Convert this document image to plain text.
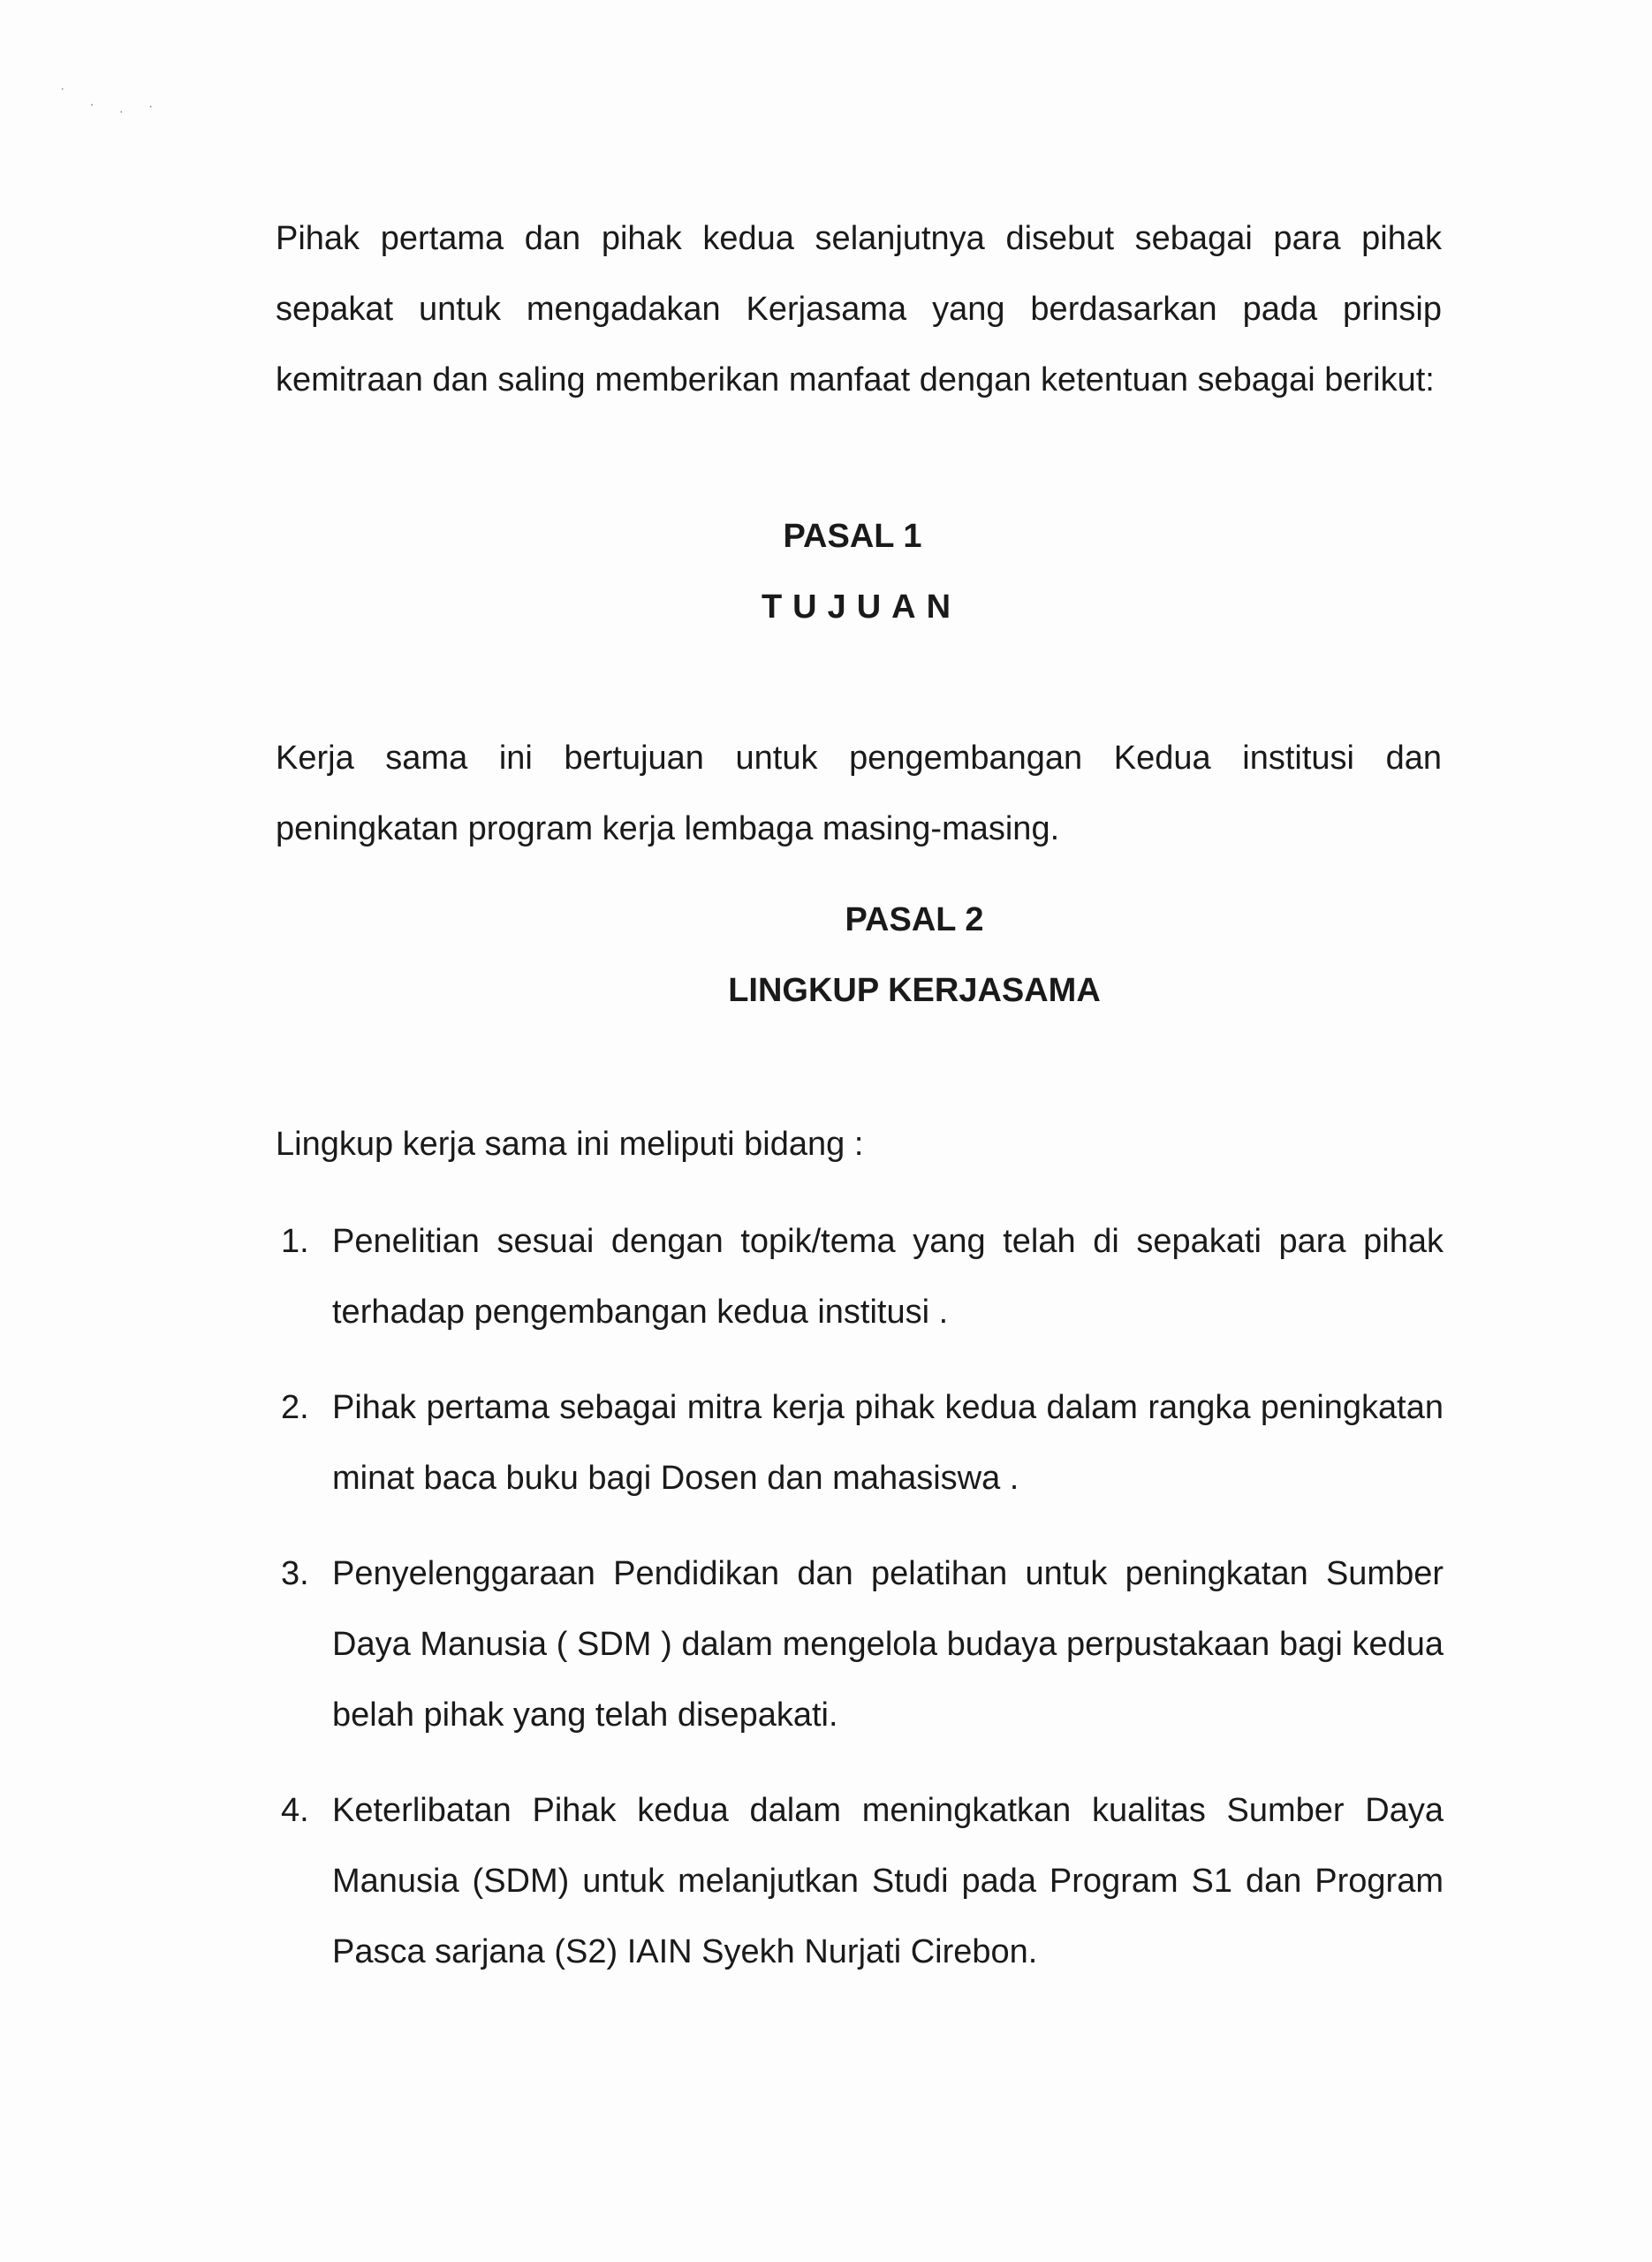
····

Pihak pertama dan pihak kedua selanjutnya disebut sebagai para pihak sepakat untuk mengadakan Kerjasama yang berdasarkan pada prinsip kemitraan dan saling memberikan manfaat dengan ketentuan sebagai berikut:

PASAL 1
TUJUAN

Kerja sama ini bertujuan untuk pengembangan Kedua institusi dan peningkatan program kerja lembaga masing-masing.

PASAL 2
LINGKUP KERJASAMA

Lingkup kerja sama ini meliputi bidang :

1. Penelitian sesuai dengan topik/tema yang telah di sepakati para pihak terhadap pengembangan kedua institusi .
2. Pihak pertama sebagai mitra kerja pihak kedua dalam rangka peningkatan minat baca buku bagi Dosen dan mahasiswa .
3. Penyelenggaraan Pendidikan dan pelatihan untuk peningkatan Sumber Daya Manusia ( SDM ) dalam mengelola budaya perpustakaan bagi kedua belah pihak yang telah disepakati.
4. Keterlibatan Pihak kedua dalam meningkatkan kualitas Sumber Daya Manusia (SDM) untuk melanjutkan Studi pada Program S1 dan Program Pasca sarjana (S2) IAIN Syekh Nurjati Cirebon.
